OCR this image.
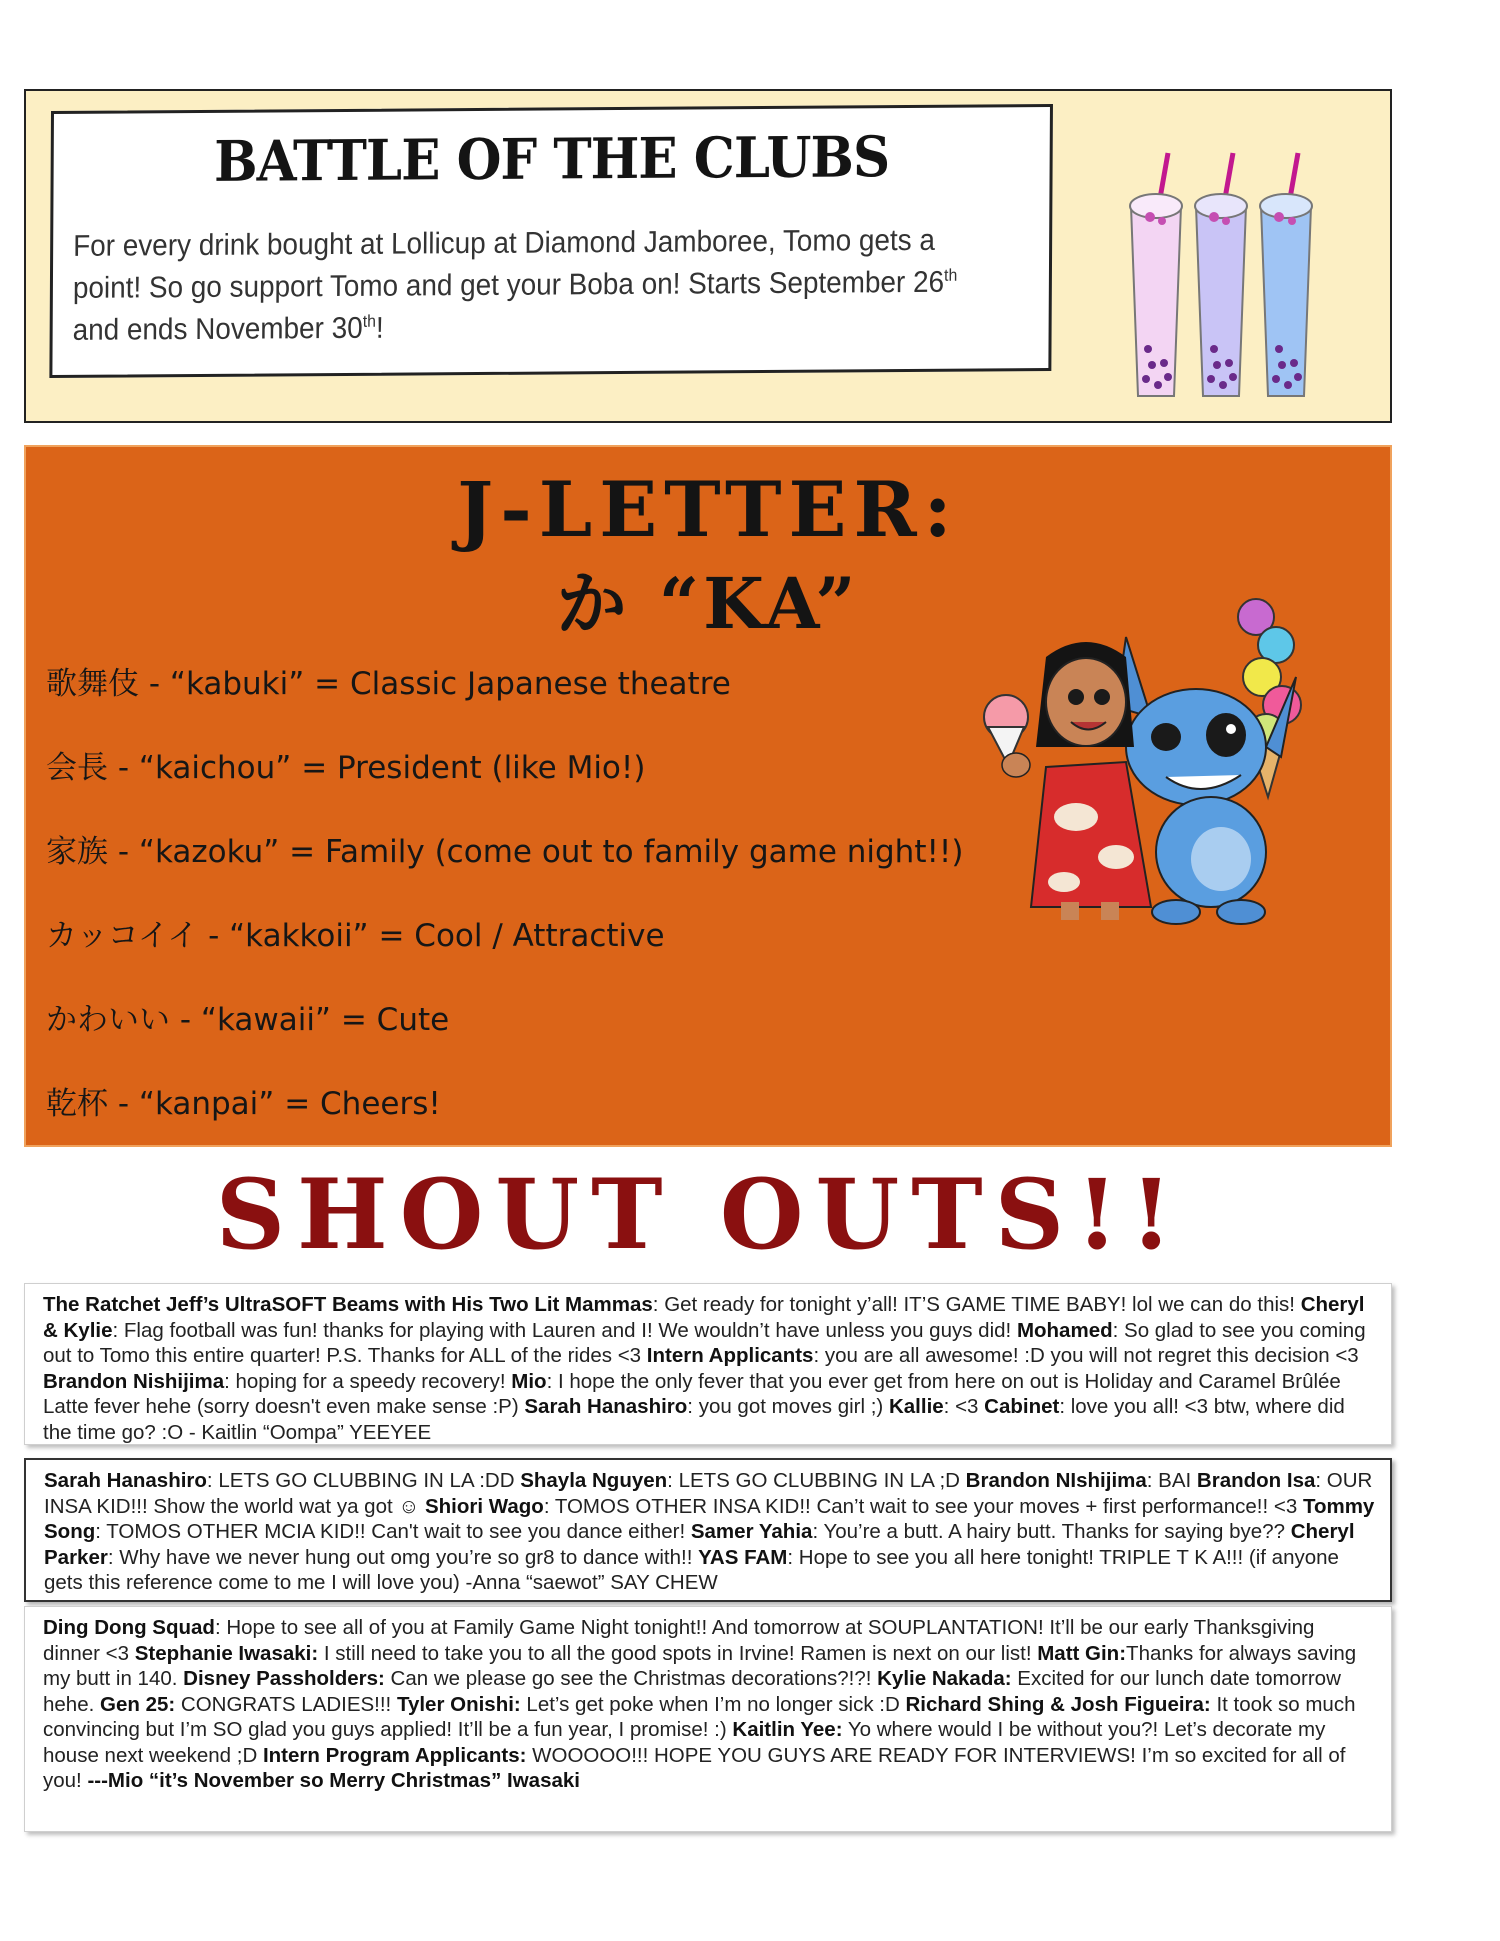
BATTLE OF THE CLUBS
For every drink bought at Lollicup at Diamond Jamboree, Tomo gets a point! So go support Tomo and get your Boba on! Starts September 26th and ends November 30th!
J-LETTER:
か “KA”
歌舞伎 - “kabuki” = Classic Japanese theatre
会長 - “kaichou” = President (like Mio!)
家族 - “kazoku” = Family (come out to family game night!!)
カッコイイ - “kakkoii” = Cool / Attractive
かわいい - “kawaii” = Cute
乾杯 - “kanpai” = Cheers!
SHOUT OUTS!!

The Ratchet Jeff’s UltraSOFT Beams with His Two Lit Mammas: Get ready for tonight y’all! IT’S GAME TIME BABY! lol we can do this! Cheryl & Kylie: Flag football was fun! thanks for playing with Lauren and I! We wouldn’t have unless you guys did! Mohamed: So glad to see you coming out to Tomo this entire quarter! P.S. Thanks for ALL of the rides <3 Intern Applicants: you are all awesome! :D you will not regret this decision <3 Brandon Nishijima: hoping for a speedy recovery! Mio: I hope the only fever that you ever get from here on out is Holiday and Caramel Brûlée Latte fever hehe (sorry doesn't even make sense :P) Sarah Hanashiro: you got moves girl ;) Kallie: <3 Cabinet: love you all! <3 btw, where did the time go? :O - Kaitlin “Oompa” YEEYEE

Sarah Hanashiro: LETS GO CLUBBING IN LA :DD Shayla Nguyen: LETS GO CLUBBING IN LA ;D Brandon NIshijima: BAI Brandon Isa: OUR INSA KID!!! Show the world wat ya got ☺ Shiori Wago: TOMOS OTHER INSA KID!! Can’t wait to see your moves + first performance!! <3 Tommy Song: TOMOS OTHER MCIA KID!! Can't wait to see you dance either! Samer Yahia: You’re a butt. A hairy butt. Thanks for saying bye?? Cheryl Parker: Why have we never hung out omg you’re so gr8 to dance with!! YAS FAM: Hope to see you all here tonight! TRIPLE T K A!!! (if anyone gets this reference come to me I will love you) -Anna “saewot” SAY CHEW

Ding Dong Squad: Hope to see all of you at Family Game Night tonight!! And tomorrow at SOUPLANTATION! It’ll be our early Thanksgiving dinner <3 Stephanie Iwasaki: I still need to take you to all the good spots in Irvine! Ramen is next on our list! Matt Gin:Thanks for always saving my butt in 140. Disney Passholders: Can we please go see the Christmas decorations?!?! Kylie Nakada: Excited for our lunch date tomorrow hehe. Gen 25: CONGRATS LADIES!!! Tyler Onishi: Let’s get poke when I’m no longer sick :D Richard Shing & Josh Figueira: It took so much convincing but I’m SO glad you guys applied! It’ll be a fun year, I promise! :) Kaitlin Yee: Yo where would I be without you?! Let’s decorate my house next weekend ;D Intern Program Applicants: WOOOOO!!! HOPE YOU GUYS ARE READY FOR INTERVIEWS! I’m so excited for all of you! ---Mio “it’s November so Merry Christmas” Iwasaki
